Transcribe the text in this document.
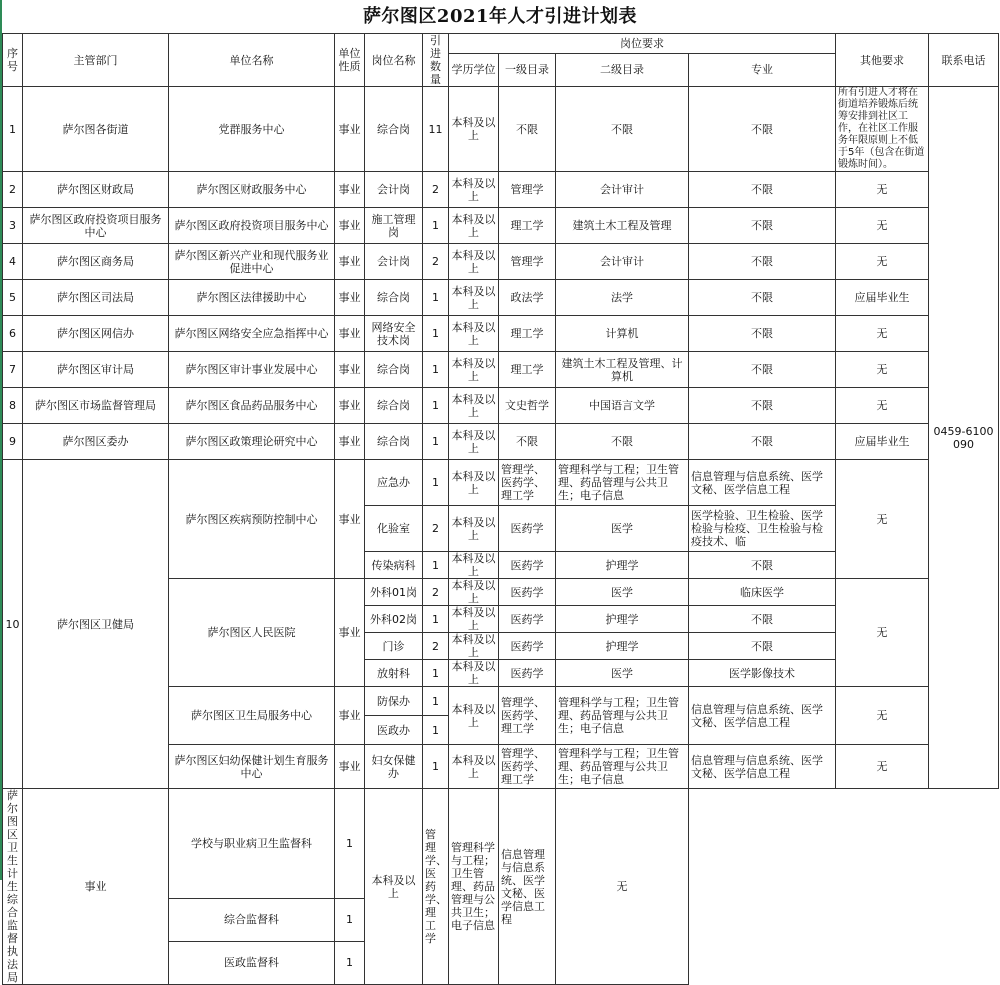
萨尔图区2021年人才引进计划表
序号	主管部门	单位名称	单位性质	岗位名称	引进数量	岗位要求				其他要求	联系电话
						学历学位	一级目录	二级目录	专业		
1	萨尔图各街道	党群服务中心	事业	综合岗	11	本科及以上	不限	不限	不限	所有引进人才将在街道培养锻炼后统筹安排到社区工作，在社区工作服务年限原则上不低于5年（包含在街道锻炼时间）。	0459-6100090
2	萨尔图区财政局	萨尔图区财政服务中心	事业	会计岗	2	本科及以上	管理学	会计审计	不限	无	
3	萨尔图区政府投资项目服务中心	萨尔图区政府投资项目服务中心	事业	施工管理岗	1	本科及以上	理工学	建筑土木工程及管理	不限	无	
4	萨尔图区商务局	萨尔图区新兴产业和现代服务业促进中心	事业	会计岗	2	本科及以上	管理学	会计审计	不限	无	
5	萨尔图区司法局	萨尔图区法律援助中心	事业	综合岗	1	本科及以上	政法学	法学	不限	应届毕业生	
6	萨尔图区网信办	萨尔图区网络安全应急指挥中心	事业	网络安全技术岗	1	本科及以上	理工学	计算机	不限	无	
7	萨尔图区审计局	萨尔图区审计事业发展中心	事业	综合岗	1	本科及以上	理工学	建筑土木工程及管理、计算机	不限	无	
8	萨尔图区市场监督管理局	萨尔图区食品药品服务中心	事业	综合岗	1	本科及以上	文史哲学	中国语言文学	不限	无	
9	萨尔图区委办	萨尔图区政策理论研究中心	事业	综合岗	1	本科及以上	不限	不限	不限	应届毕业生	
10	萨尔图区卫健局	萨尔图区疾病预防控制中心	事业	应急办	1	本科及以上	管理学、医药学、理工学	管理科学与工程；卫生管理、药品管理与公共卫生；电子信息	信息管理与信息系统、医学文秘、医学信息工程	无	
				化验室	2	本科及以上	医药学	医学	医学检验、卫生检验、医学检验与检疫、卫生检验与检疫技术、临		
				传染病科	1	本科及以上	医药学	护理学	不限		
		萨尔图区人民医院	事业	外科01岗	2	本科及以上	医药学	医学	临床医学	无	
				外科02岗	1	本科及以上	医药学	护理学	不限		
				门诊	2	本科及以上	医药学	护理学	不限		
				放射科	1	本科及以上	医药学	医学	医学影像技术		
		萨尔图区卫生局服务中心	事业	防保办	1	本科及以上	管理学、医药学、理工学	管理科学与工程；卫生管理、药品管理与公共卫生；电子信息	信息管理与信息系统、医学文秘、医学信息工程	无	
				医政办	1						
		萨尔图区妇幼保健计划生育服务中心	事业	妇女保健办	1	本科及以上	管理学、医药学、理工学	管理科学与工程；卫生管理、药品管理与公共卫生；电子信息	信息管理与信息系统、医学文秘、医学信息工程	无	
萨尔图区卫生计生综合监督执法局	事业	学校与职业病卫生监督科	1	本科及以上	管理学、医药学、理工学	管理科学与工程；卫生管理、药品管理与公共卫生；电子信息	信息管理与信息系统、医学文秘、医学信息工程	无			
		综合监督科	1								
		医政监督科	1								
